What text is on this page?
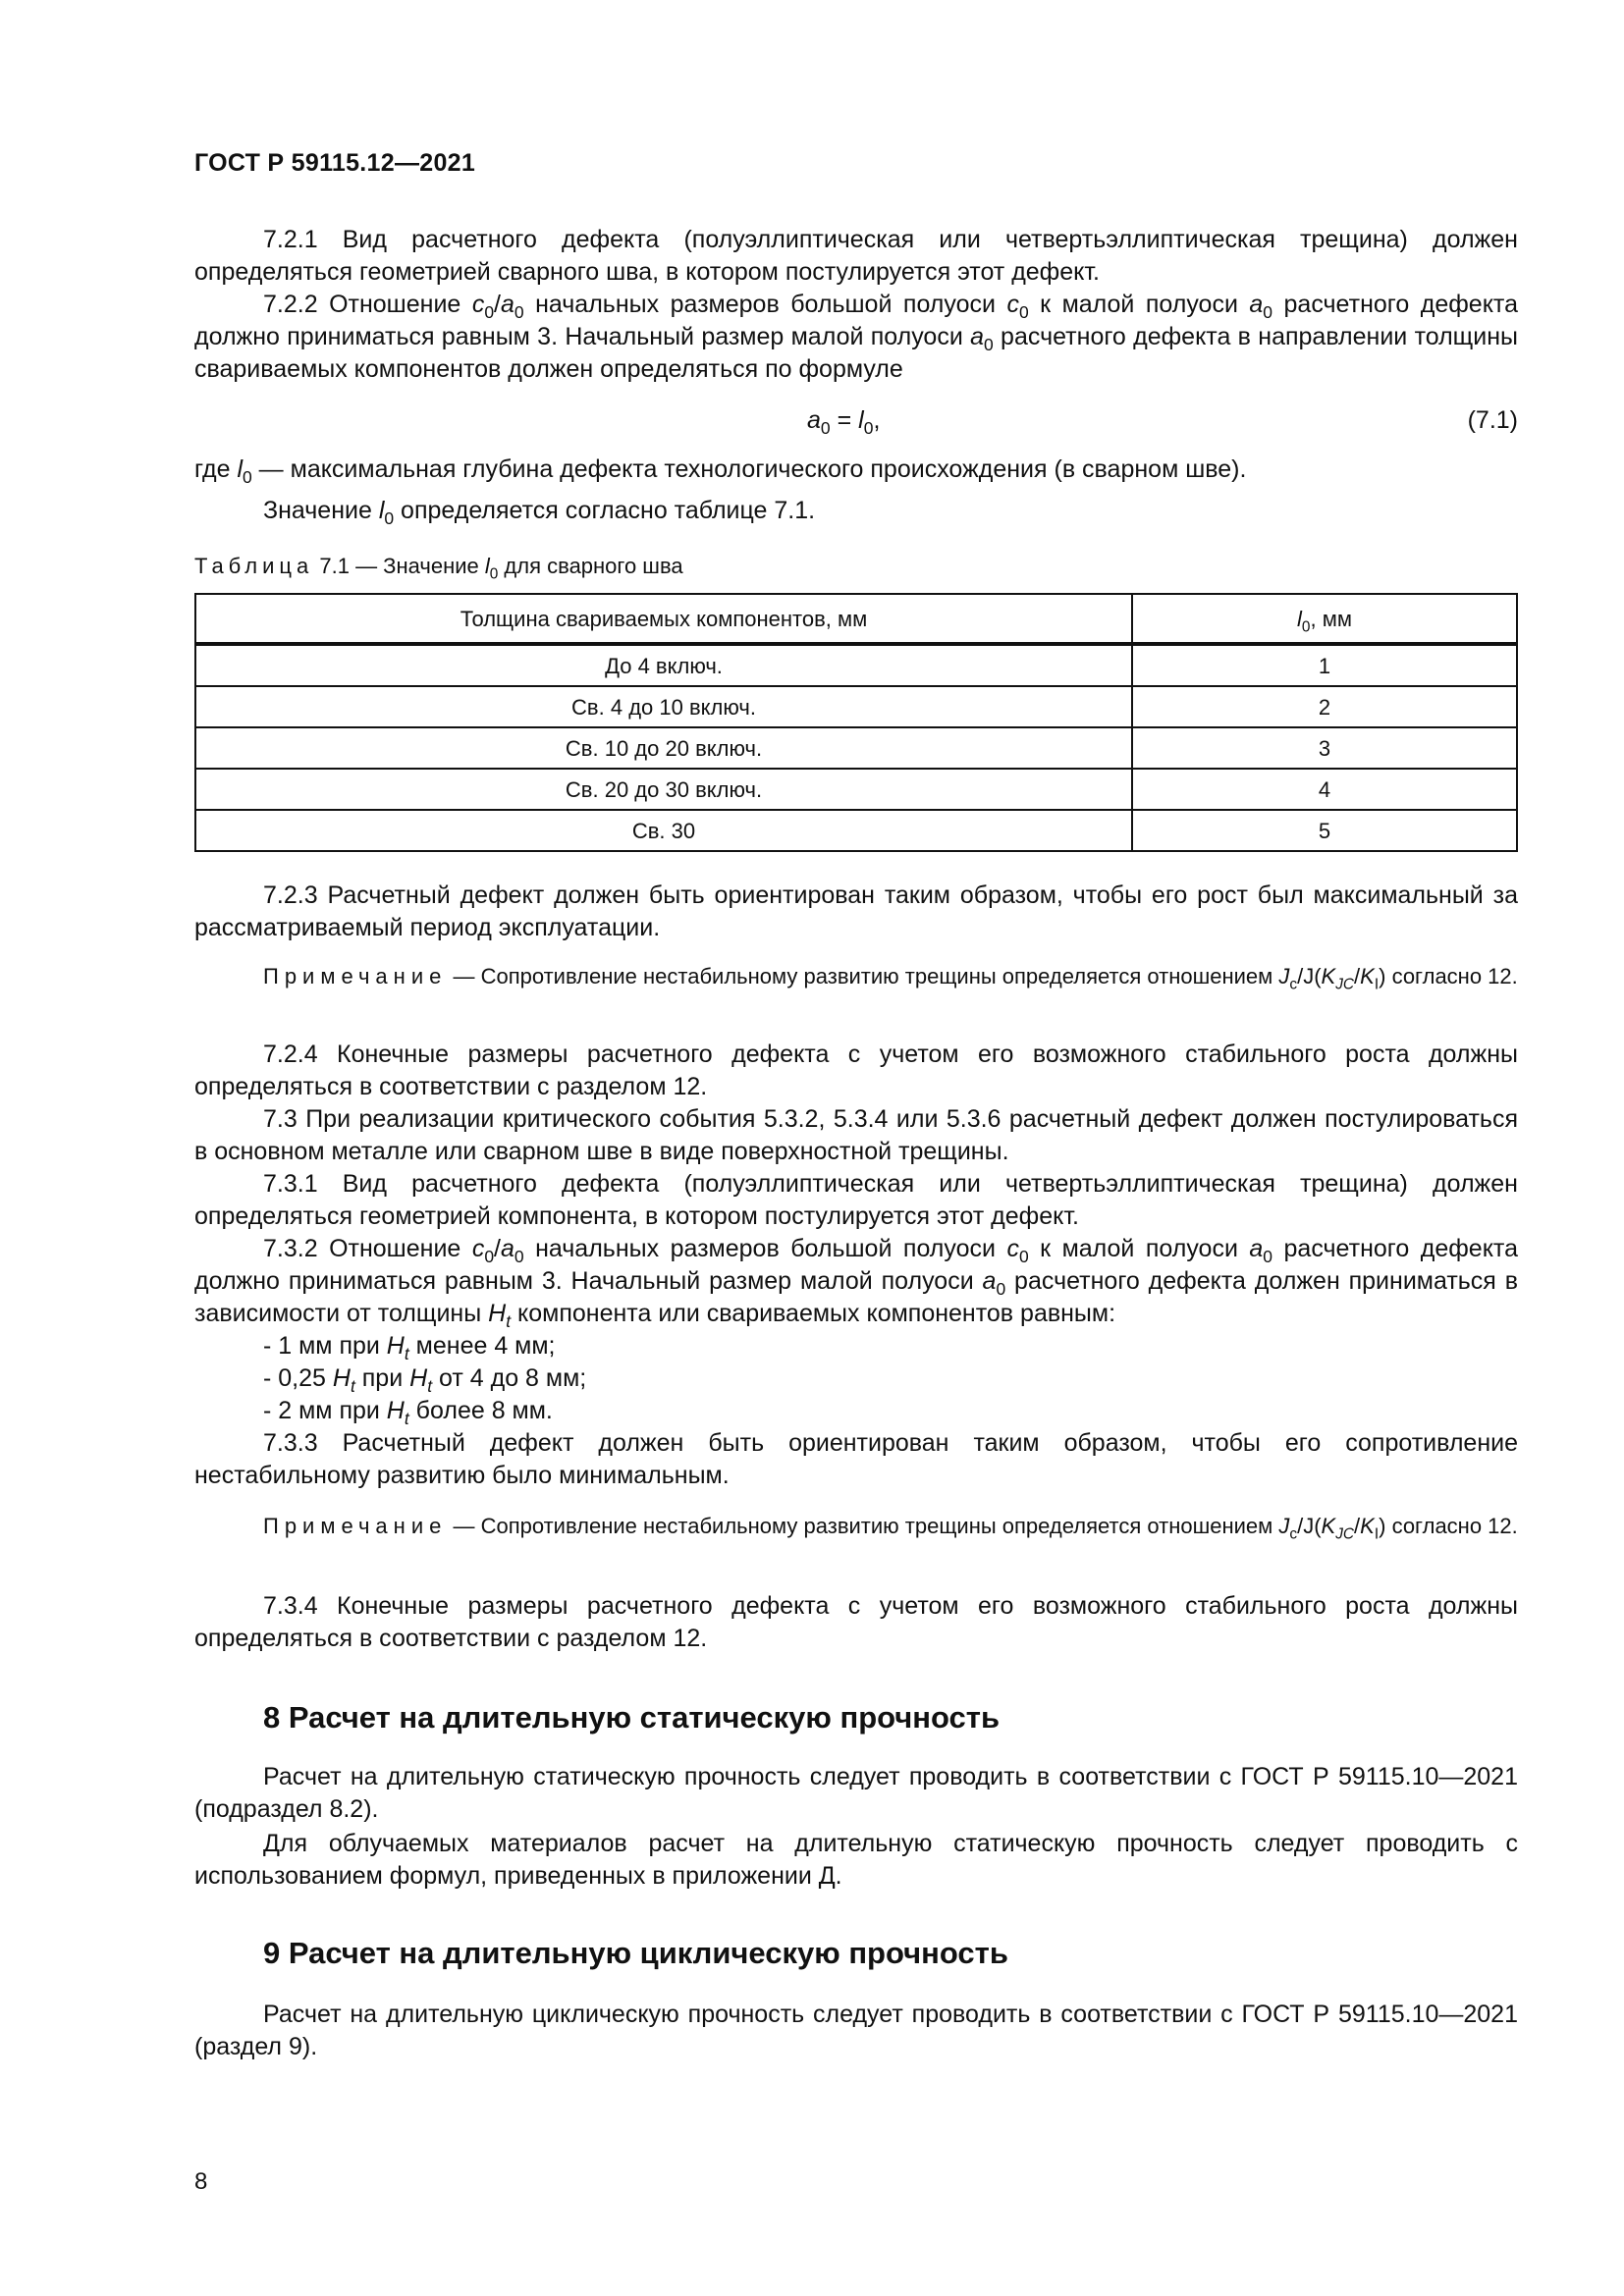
ГОСТ Р 59115.12—2021

7.2.1 Вид расчетного дефекта (полуэллиптическая или четвертьэллиптическая трещина) должен определяться геометрией сварного шва, в котором постулируется этот дефект.

7.2.2 Отношение $c_0/a_0$ начальных размеров большой полуоси $c_0$ к малой полуоси $a_0$ расчетного дефекта должно приниматься равным 3. Начальный размер малой полуоси $a_0$ расчетного дефекта в направлении толщины свариваемых компонентов должен определяться по формуле

$a_0 = l_0$,	(7.1)

где $l_0$ — максимальная глубина дефекта технологического происхождения (в сварном шве).

Значение $l_0$ определяется согласно таблице 7.1.

Таблица 7.1 — Значение $l_0$ для сварного шва
Толщина свариваемых компонентов, мм	$l_0$, мм
До 4 включ.	1
Св. 4 до 10 включ.	2
Св. 10 до 20 включ.	3
Св. 20 до 30 включ.	4
Св. 30	5

7.2.3 Расчетный дефект должен быть ориентирован таким образом, чтобы его рост был максимальный за рассматриваемый период эксплуатации.

Примечание — Сопротивление нестабильному развитию трещины определяется отношением $J_c/J(K_{JC}/K_I)$ согласно 12.

7.2.4 Конечные размеры расчетного дефекта с учетом его возможного стабильного роста должны определяться в соответствии с разделом 12.

7.3 При реализации критического события 5.3.2, 5.3.4 или 5.3.6 расчетный дефект должен постулироваться в основном металле или сварном шве в виде поверхностной трещины.

7.3.1 Вид расчетного дефекта (полуэллиптическая или четвертьэллиптическая трещина) должен определяться геометрией компонента, в котором постулируется этот дефект.

7.3.2 Отношение $c_0/a_0$ начальных размеров большой полуоси $c_0$ к малой полуоси $a_0$ расчетного дефекта должно приниматься равным 3. Начальный размер малой полуоси $a_0$ расчетного дефекта должен приниматься в зависимости от толщины $H_t$ компонента или свариваемых компонентов равным:

- 1 мм при $H_t$ менее 4 мм;
- 0,25 $H_t$ при $H_t$ от 4 до 8 мм;
- 2 мм при $H_t$ более 8 мм.

7.3.3 Расчетный дефект должен быть ориентирован таким образом, чтобы его сопротивление нестабильному развитию было минимальным.

Примечание — Сопротивление нестабильному развитию трещины определяется отношением $J_c/J(K_{JC}/K_I)$ согласно 12.

7.3.4 Конечные размеры расчетного дефекта с учетом его возможного стабильного роста должны определяться в соответствии с разделом 12.

8 Расчет на длительную статическую прочность

Расчет на длительную статическую прочность следует проводить в соответствии с ГОСТ Р 59115.10—2021 (подраздел 8.2).

Для облучаемых материалов расчет на длительную статическую прочность следует проводить с использованием формул, приведенных в приложении Д.

9 Расчет на длительную циклическую прочность

Расчет на длительную циклическую прочность следует проводить в соответствии с ГОСТ Р 59115.10—2021 (раздел 9).

8
